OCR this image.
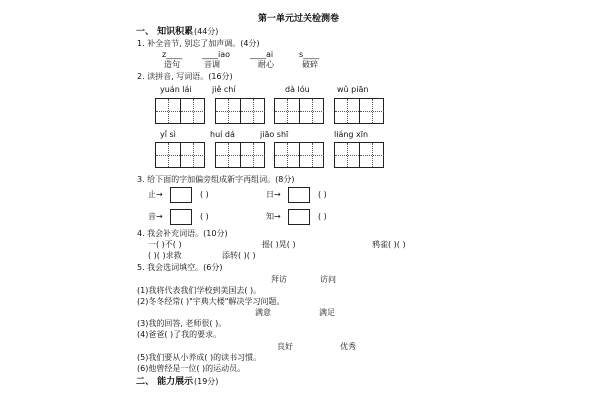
第一单元过关检测卷
一、 知识积累 (44分)
1. 补全音节, 别忘了加声调。(4分)
z____
造句
____iao
音调
____ai
耐心
s____
破碎
2. 读拼音, 写词语。(16分)
yuán lái	jiě chí	dà lóu	wǔ piān
yǐ sì	huí dá	jiāo shī	liáng xīn
3. 给下面的字加偏旁组成新字再组词。(8分)
止→	( )	日→	( )
音→	( )	知→	( )
4. 我会补充词语。(10分)
一( )不( )	摇( )晃( )	鸦雀( )( )
( )( )求救	添转( )( )
5. 我会选词填空。(6分)
拜访	访问
(1)我将代表我们学校到美国去( )。
(2)冬冬经常( )"宇典大楼"解决学习问题。
满意	满足
(3)我的回答, 老师很( )。
(4)爸爸( )了我的要求。
良好	优秀
(5)我们要从小养成( )的读书习惯。
(6)他曾经是一位( )的运动员。
二、 能力展示 (19分)
